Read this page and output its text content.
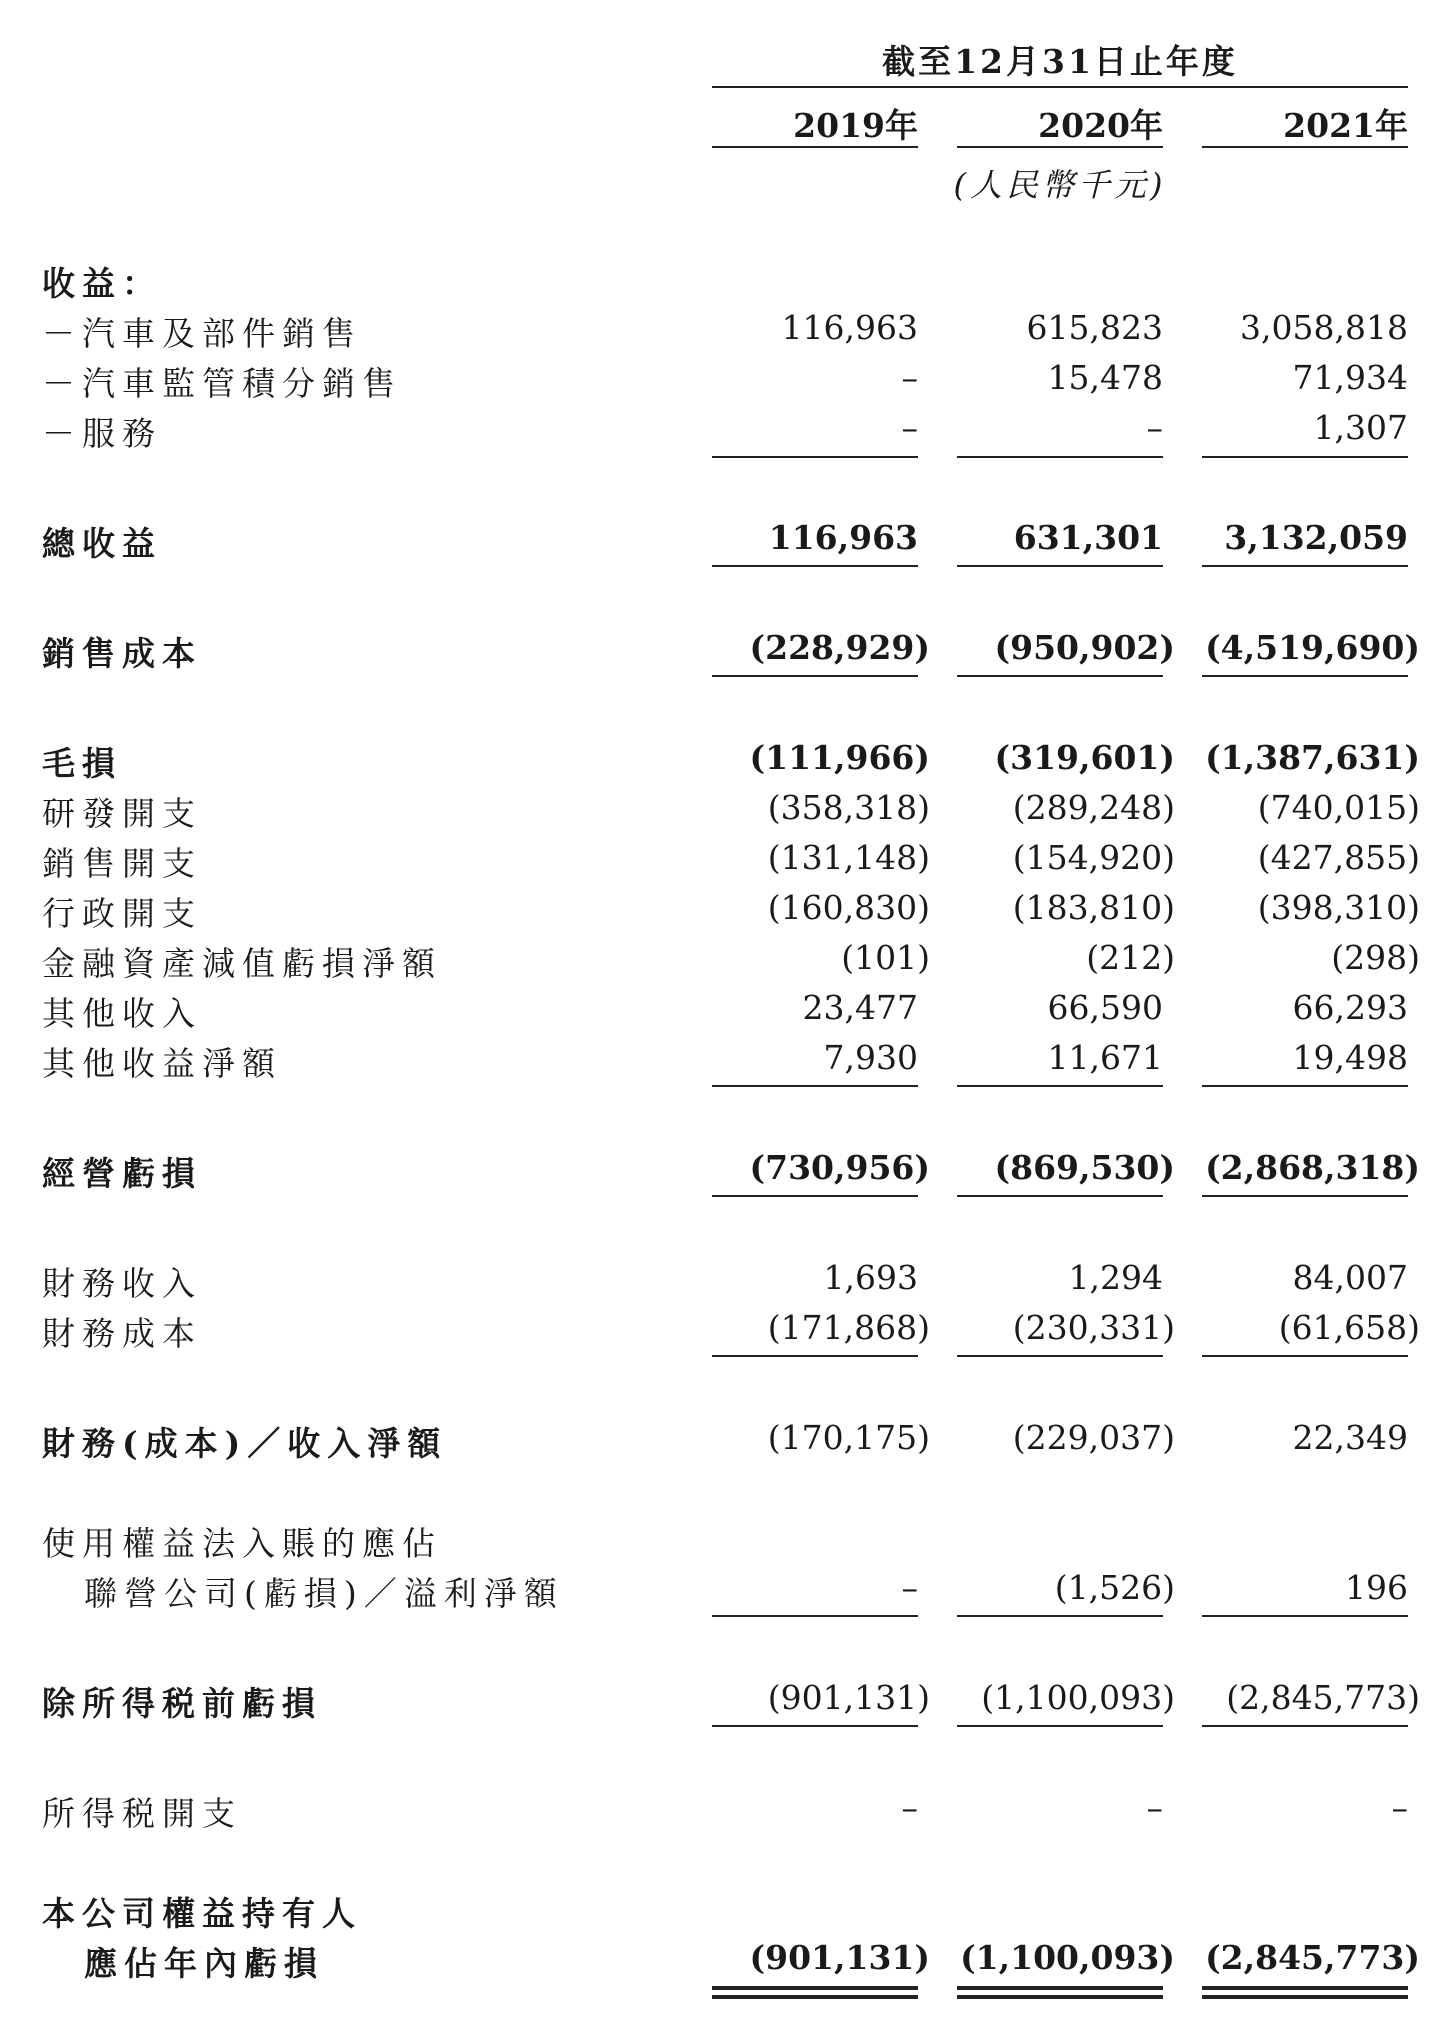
截至12月31日止年度
2019年	2020年	2021年
(人民幣千元)
收益：
－汽車及部件銷售	116,963	615,823	3,058,818
－汽車監管積分銷售	–	15,478	71,934
－服務	–	–	1,307
總收益	116,963	631,301	3,132,059
銷售成本	(228,929)	(950,902) (4,519,690)
毛損	(111,966)	(319,601) (1,387,631)
研發開支	(358,318)	(289,248)	(740,015)
銷售開支	(131,148)	(154,920)	(427,855)
行政開支	(160,830)	(183,810)	(398,310)
金融資產減值虧損淨額	(101)	(212)	(298)
其他收入	23,477	66,590	66,293
其他收益淨額	7,930	11,671	19,498
經營虧損	(730,956)	(869,530) (2,868,318)
財務收入	1,693	1,294	84,007
財務成本	(171,868)	(230,331)	(61,658)
財務(成本)／收入淨額	(170,175)	(229,037)	22,349
使用權益法入賬的應佔
聯營公司(虧損)／溢利淨額	–	(1,526)	196
除所得税前虧損	(901,131)	(1,100,093)	(2,845,773)
所得税開支	–	–	–
本公司權益持有人
應佔年內虧損	(901,131) (1,100,093) (2,845,773)
